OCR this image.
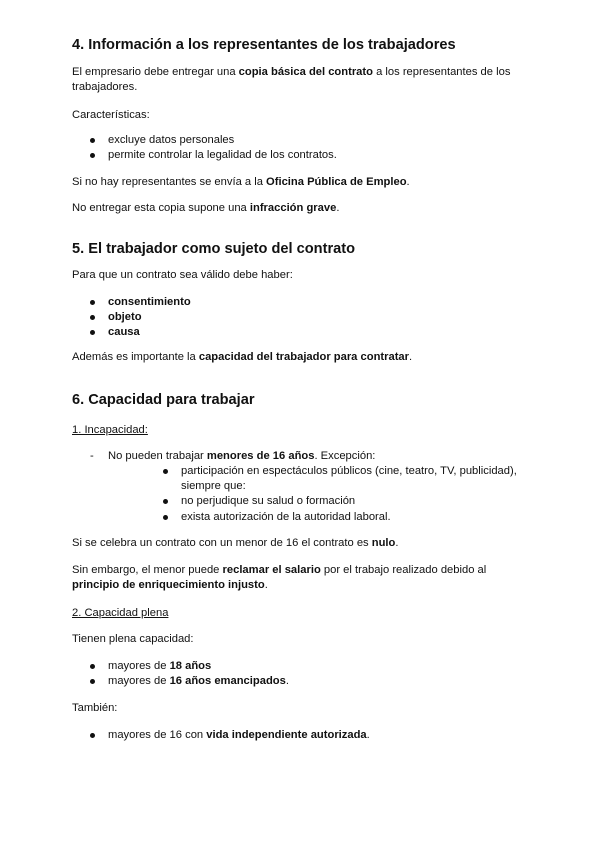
4. Información a los representantes de los trabajadores

El empresario debe entregar una copia básica del contrato a los representantes de los
trabajadores.

Características:

excluye datos personales

permite controlar la legalidad de los contratos.

Si no hay representantes se envía a la Oficina Pública de Empleo.

No entregar esta copia supone una infracción grave.

5. El trabajador como sujeto del contrato

Para que un contrato sea válido debe haber:

consentimiento

objeto

causa

Además es importante la capacidad del trabajador para contratar.

6. Capacidad para trabajar

1. Incapacidad:

- No pueden trabajar menores de 16 años. Excepción:

participación en espectáculos públicos (cine, teatro, TV, publicidad),

siempre que:

no perjudique su salud o formación

exista autorización de la autoridad laboral.

Si se celebra un contrato con un menor de 16 el contrato es nulo.

Sin embargo, el menor puede reclamar el salario por el trabajo realizado debido al
principio de enriquecimiento injusto.

2. Capacidad plena

Tienen plena capacidad:

mayores de 18 años

mayores de 16 años emancipados.

También:

mayores de 16 con vida independiente autorizada.
